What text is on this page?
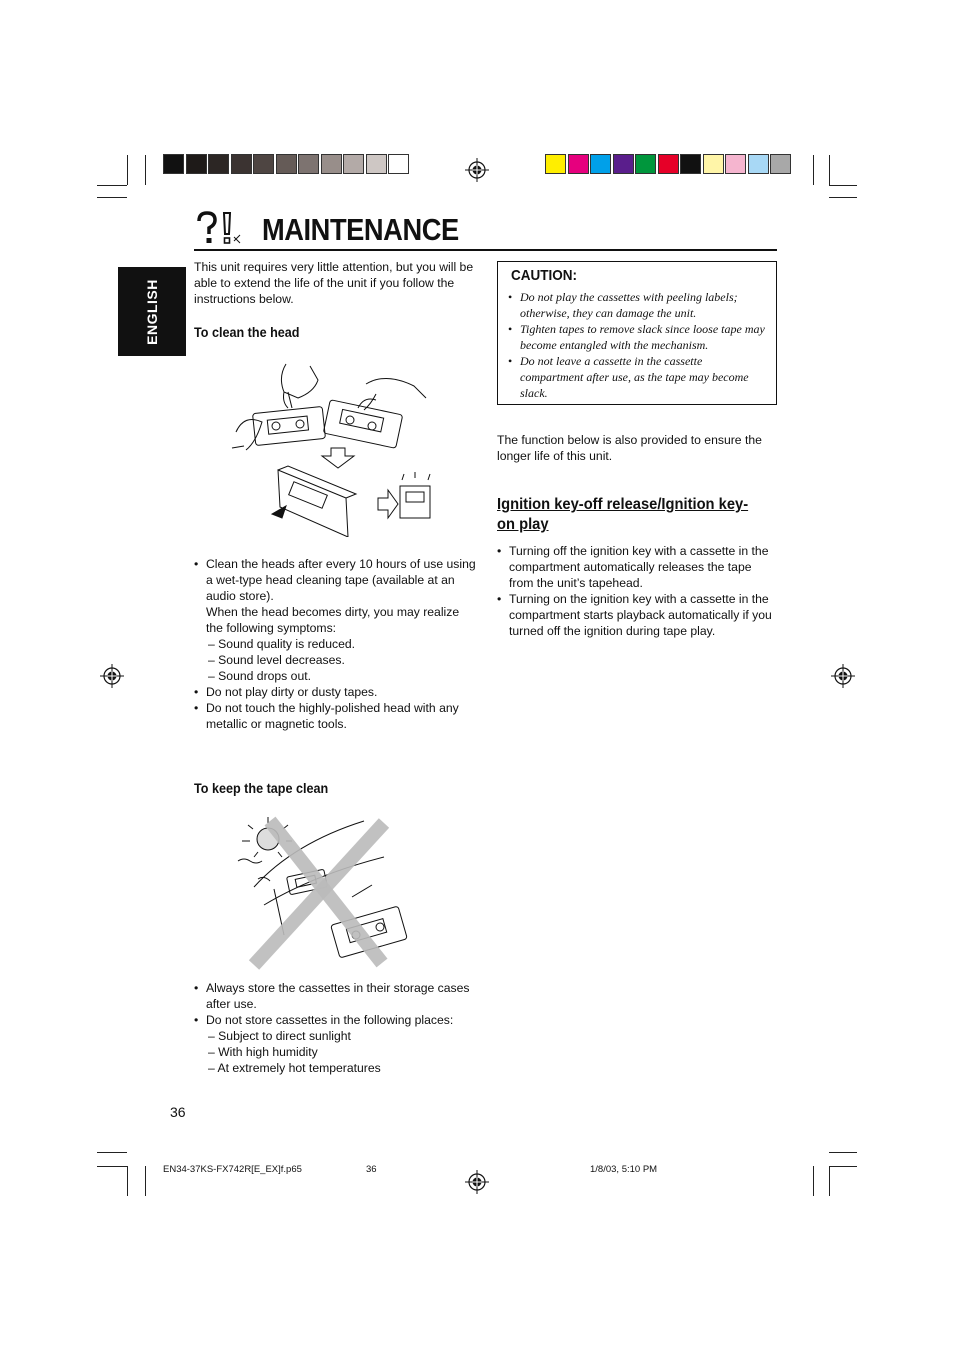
MAINTENANCE
ENGLISH
This unit requires very little attention, but you will be able to extend the life of the unit if you follow the instructions below.
To clean the head
• Clean the heads after every 10 hours of use using a wet-type head cleaning tape (available at an audio store).
When the head becomes dirty, you may realize the following symptoms:
– Sound quality is reduced.
– Sound level decreases.
– Sound drops out.
• Do not play dirty or dusty tapes.
• Do not touch the highly-polished head with any metallic or magnetic tools.
To keep the tape clean
• Always store the cassettes in their storage cases after use.
• Do not store cassettes in the following places:
– Subject to direct sunlight
– With high humidity
– At extremely hot temperatures
CAUTION:
• Do not play the cassettes with peeling labels; otherwise, they can damage the unit.
• Tighten tapes to remove slack since loose tape may become entangled with the mechanism.
• Do not leave a cassette in the cassette compartment after use, as the tape may become slack.
The function below is also provided to ensure the longer life of this unit.
Ignition key-off release/Ignition key-on play
• Turning off the ignition key with a cassette in the compartment automatically releases the tape from the unit’s tapehead.
• Turning on the ignition key with a cassette in the compartment starts playback automatically if you turned off the ignition during tape play.
36
EN34-37KS-FX742R[E_EX]f.p65	36	1/8/03, 5:10 PM
